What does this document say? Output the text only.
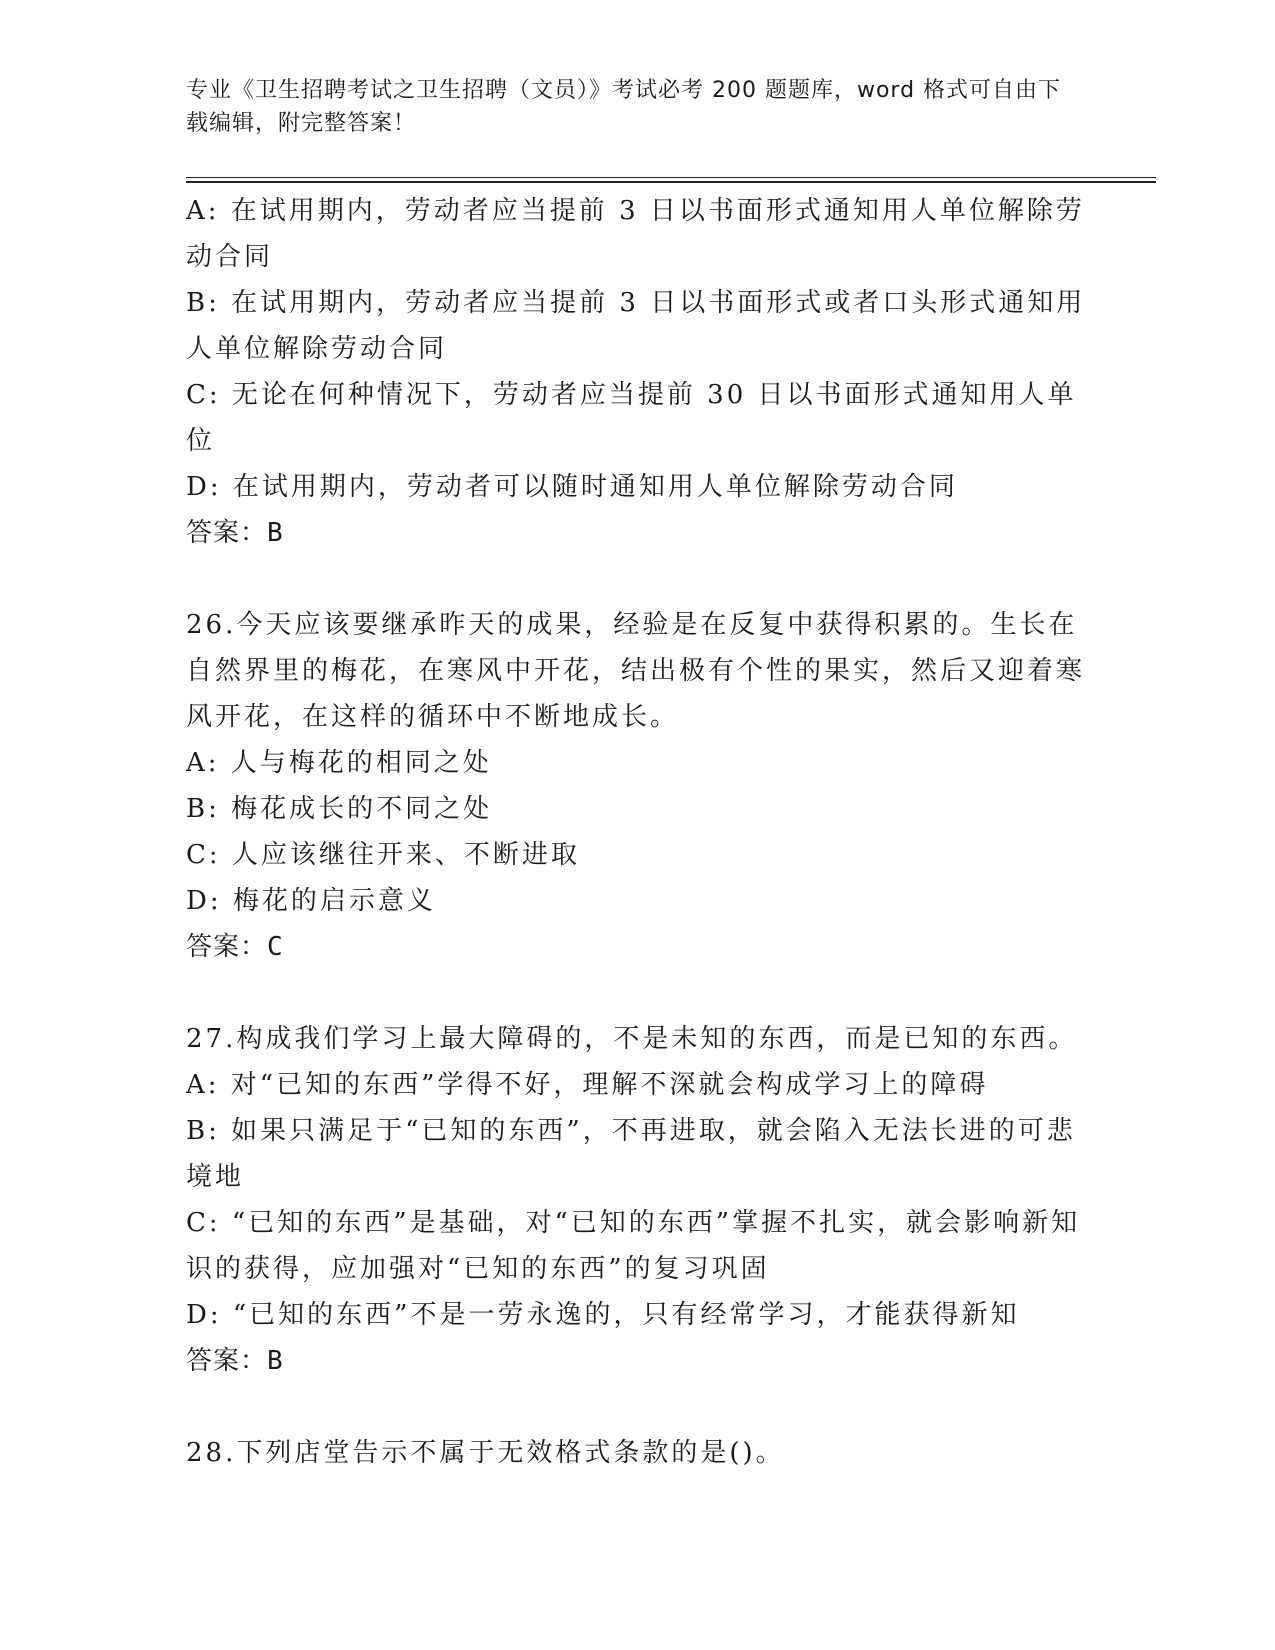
专业《卫生招聘考试之卫生招聘（文员）》考试必考 200 题题库，word 格式可自由下载编辑，附完整答案！

A: 在试用期内，劳动者应当提前 3 日以书面形式通知用人单位解除劳动合同

B: 在试用期内，劳动者应当提前 3 日以书面形式或者口头形式通知用人单位解除劳动合同

C: 无论在何种情况下，劳动者应当提前 30 日以书面形式通知用人单位

D: 在试用期内，劳动者可以随时通知用人单位解除劳动合同

答案：B

26.今天应该要继承昨天的成果，经验是在反复中获得积累的。生长在自然界里的梅花，在寒风中开花，结出极有个性的果实，然后又迎着寒风开花，在这样的循环中不断地成长。

A: 人与梅花的相同之处

B: 梅花成长的不同之处

C: 人应该继往开来、不断进取

D: 梅花的启示意义

答案：C

27.构成我们学习上最大障碍的，不是未知的东西，而是已知的东西。

A: 对“已知的东西”学得不好，理解不深就会构成学习上的障碍

B: 如果只满足于“已知的东西”，不再进取，就会陷入无法长进的可悲境地

C: “已知的东西”是基础，对“已知的东西”掌握不扎实，就会影响新知识的获得，应加强对“已知的东西”的复习巩固

D: “已知的东西”不是一劳永逸的，只有经常学习，才能获得新知

答案：B

28.下列店堂告示不属于无效格式条款的是()。
